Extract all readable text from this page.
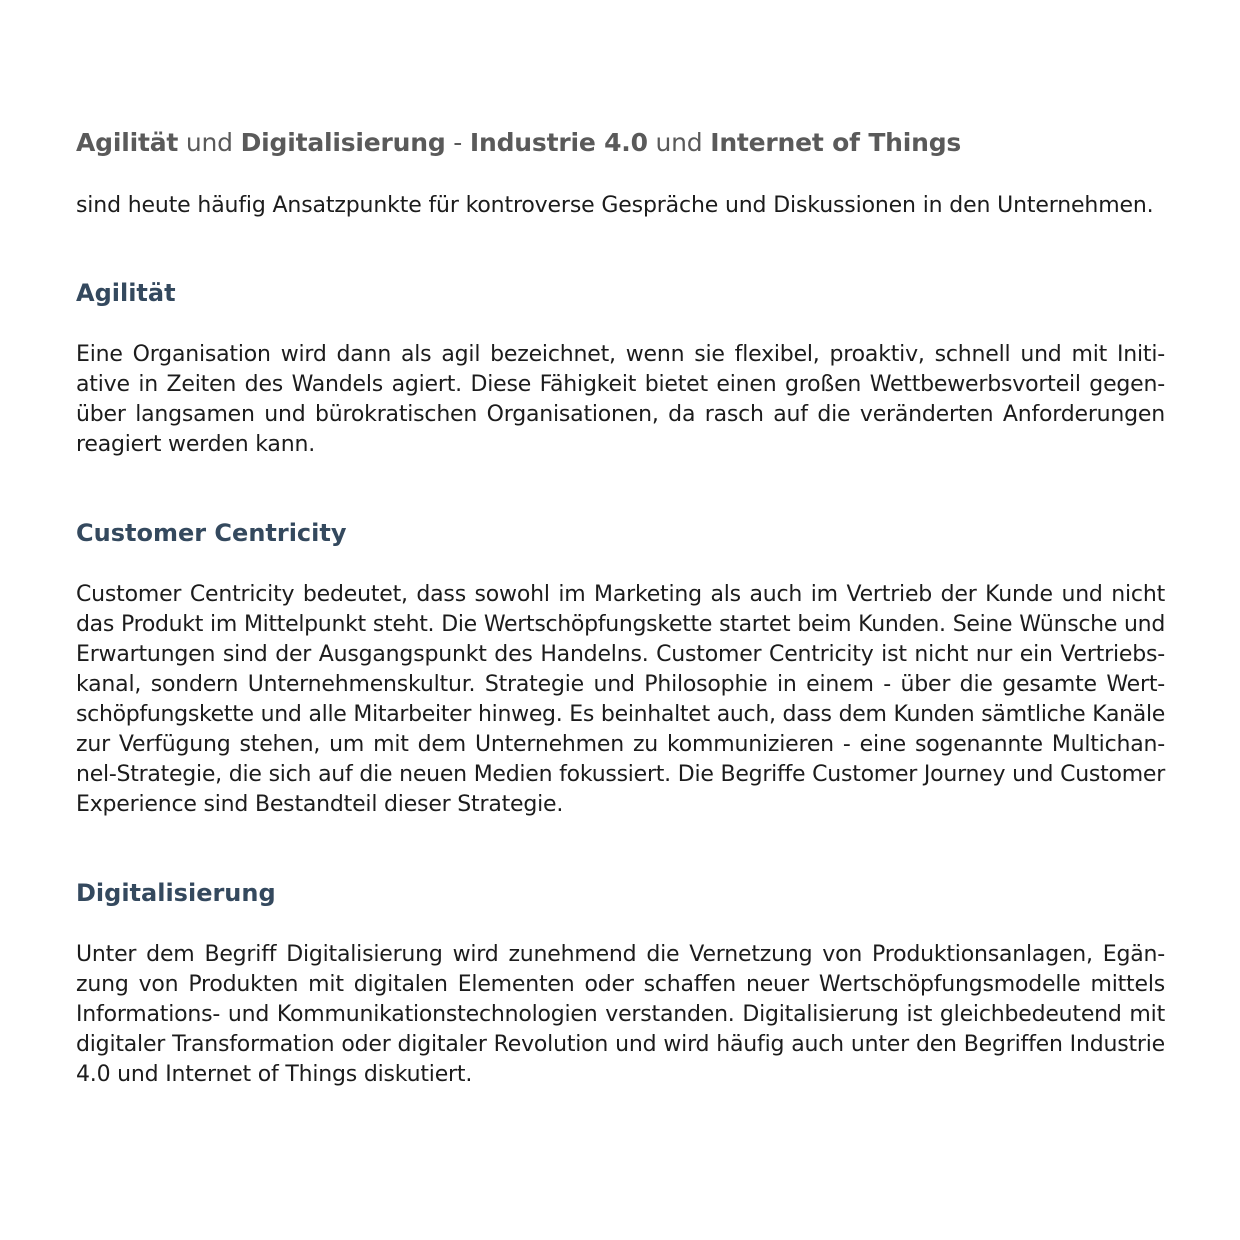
Agilität und Digitalisierung - Industrie 4.0 und Internet of Things
sind heute häufig Ansatzpunkte für kontroverse Gespräche und Diskussionen in den Unternehmen.
Agilität
Eine Organisation wird dann als agil bezeichnet, wenn sie flexibel, proaktiv, schnell und mit Initi-
ative in Zeiten des Wandels agiert. Diese Fähigkeit bietet einen großen Wettbewerbsvorteil gegen-
über langsamen und bürokratischen Organisationen, da rasch auf die veränderten Anforderungen
reagiert werden kann.
Customer Centricity
Customer Centricity bedeutet, dass sowohl im Marketing als auch im Vertrieb der Kunde und nicht
das Produkt im Mittelpunkt steht. Die Wertschöpfungskette startet beim Kunden. Seine Wünsche und
Erwartungen sind der Ausgangspunkt des Handelns. Customer Centricity ist nicht nur ein Vertriebs-
kanal, sondern Unternehmenskultur. Strategie und Philosophie in einem - über die gesamte Wert-
schöpfungskette und alle Mitarbeiter hinweg. Es beinhaltet auch, dass dem Kunden sämtliche Kanäle
zur Verfügung stehen, um mit dem Unternehmen zu kommunizieren - eine sogenannte Multichan-
nel-Strategie, die sich auf die neuen Medien fokussiert. Die Begriffe Customer Journey und Customer
Experience sind Bestandteil dieser Strategie.
Digitalisierung
Unter dem Begriff Digitalisierung wird zunehmend die Vernetzung von Produktionsanlagen, Egän-
zung von Produkten mit digitalen Elementen oder schaffen neuer Wertschöpfungsmodelle mittels
Informations- und Kommunikationstechnologien verstanden. Digitalisierung ist gleichbedeutend mit
digitaler Transformation oder digitaler Revolution und wird häufig auch unter den Begriffen Industrie
4.0 und Internet of Things diskutiert.
